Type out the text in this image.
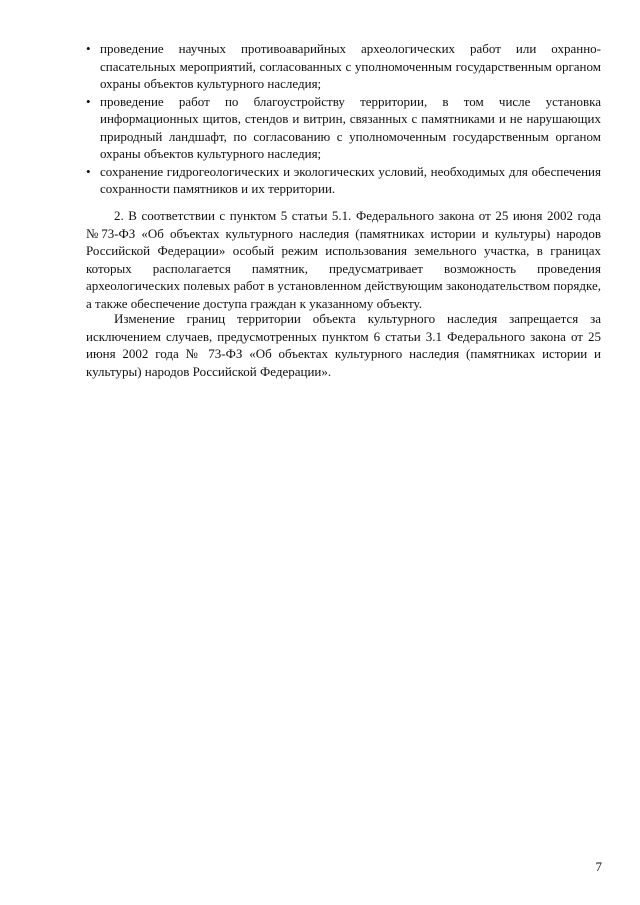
• проведение научных противоаварийных археологических работ или охранно-спасательных мероприятий, согласованных с уполномоченным государственным органом охраны объектов культурного наследия;
• проведение работ по благоустройству территории, в том числе установка информационных щитов, стендов и витрин, связанных с памятниками и не нарушающих природный ландшафт, по согласованию с уполномоченным государственным органом охраны объектов культурного наследия;
• сохранение гидрогеологических и экологических условий, необходимых для обеспечения сохранности памятников и их территории.

2. В соответствии с пунктом 5 статьи 5.1. Федерального закона от 25 июня 2002 года №73-ФЗ «Об объектах культурного наследия (памятниках истории и культуры) народов Российской Федерации» особый режим использования земельного участка, в границах которых располагается памятник, предусматривает возможность проведения археологических полевых работ в установленном действующим законодательством порядке, а также обеспечение доступа граждан к указанному объекту.

Изменение границ территории объекта культурного наследия запрещается за исключением случаев, предусмотренных пунктом 6 статьи 3.1 Федерального закона от 25 июня 2002 года № 73-ФЗ «Об объектах культурного наследия (памятниках истории и культуры) народов Российской Федерации».

7
